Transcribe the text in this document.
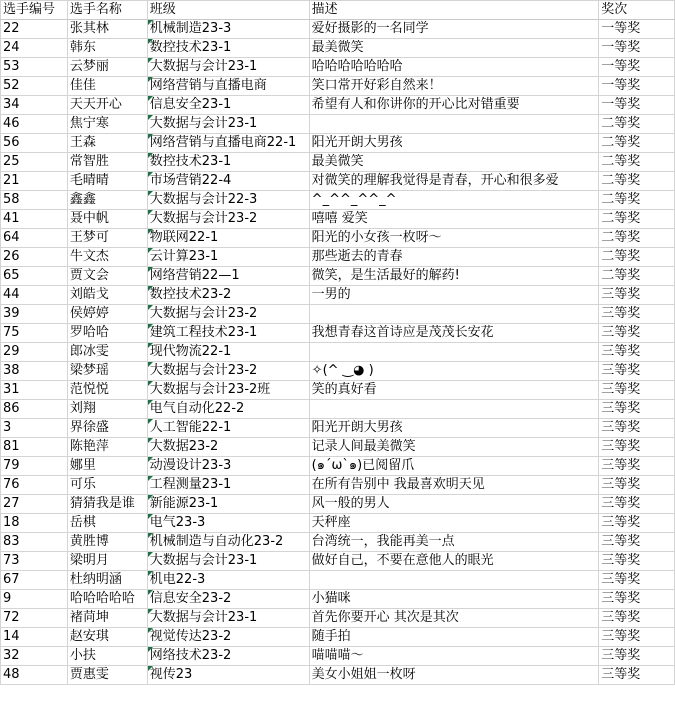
选手编号	选手名称	班级	描述	奖次
22	张其林	机械制造23-3	爱好摄影的一名同学	一等奖
24	韩东	数控技术23-1	最美微笑	一等奖
53	云梦丽	大数据与会计23-1	哈哈哈哈哈哈哈	一等奖
52	佳佳	网络营销与直播电商	笑口常开好彩自然来！	一等奖
34	天天开心	信息安全23-1	希望有人和你讲你的开心比对错重要	一等奖
46	焦宁寒	大数据与会计23-1		二等奖
56	王森	网络营销与直播电商22-1	阳光开朗大男孩	二等奖
25	常智胜	数控技术23-1	最美微笑	二等奖
21	毛晴晴	市场营销22-4	对微笑的理解我觉得是青春，开心和很多爱	二等奖
58	鑫鑫	大数据与会计22-3	^_^^_^^_^	二等奖
41	聂中帆	大数据与会计23-2	嘻嘻 爱笑	二等奖
64	王梦可	物联网22-1	阳光的小女孩一枚呀～	二等奖
26	牛文杰	云计算23-1	那些逝去的青春	二等奖
65	贾文会	网络营销22—1	微笑，是生活最好的解药!	二等奖
44	刘皓戈	数控技术23-2	一男的	三等奖
39	侯婷婷	大数据与会计23-2		三等奖
75	罗哈哈	建筑工程技术23-1	我想青春这首诗应是茂茂长安花	三等奖
29	郎冰雯	现代物流22-1		三等奖
38	梁梦瑶	大数据与会计23-2	✧(^ ‿◕ )	三等奖
31	范悦悦	大数据与会计23-2班	笑的真好看	三等奖
86	刘翔	电气自动化22-2		三等奖
3	界徐盛	人工智能22-1	阳光开朗大男孩	三等奖
81	陈艳萍	大数据23-2	记录人间最美微笑	三等奖
79	娜里	动漫设计23-3	(๑´ω`๑)已阅留爪	三等奖
76	可乐	工程测量23-1	在所有告别中 我最喜欢明天见	三等奖
27	猜猜我是谁	新能源23-1	风一般的男人	三等奖
18	岳棋	电气23-3	天秤座	三等奖
83	黄胜博	机械制造与自动化23-2	台湾统一，我能再美一点	三等奖
73	梁明月	大数据与会计23-1	做好自己，不要在意他人的眼光	三等奖
67	杜纳明涵	机电22-3		三等奖
9	哈哈哈哈哈	信息安全23-2	小猫咪	三等奖
72	褚苘坤	大数据与会计23-1	首先你要开心 其次是其次	三等奖
14	赵安琪	视觉传达23-2	随手拍	三等奖
32	小扶	网络技术23-2	喵喵喵～	三等奖
48	贾惠雯	视传23	美女小姐姐一枚呀	三等奖
